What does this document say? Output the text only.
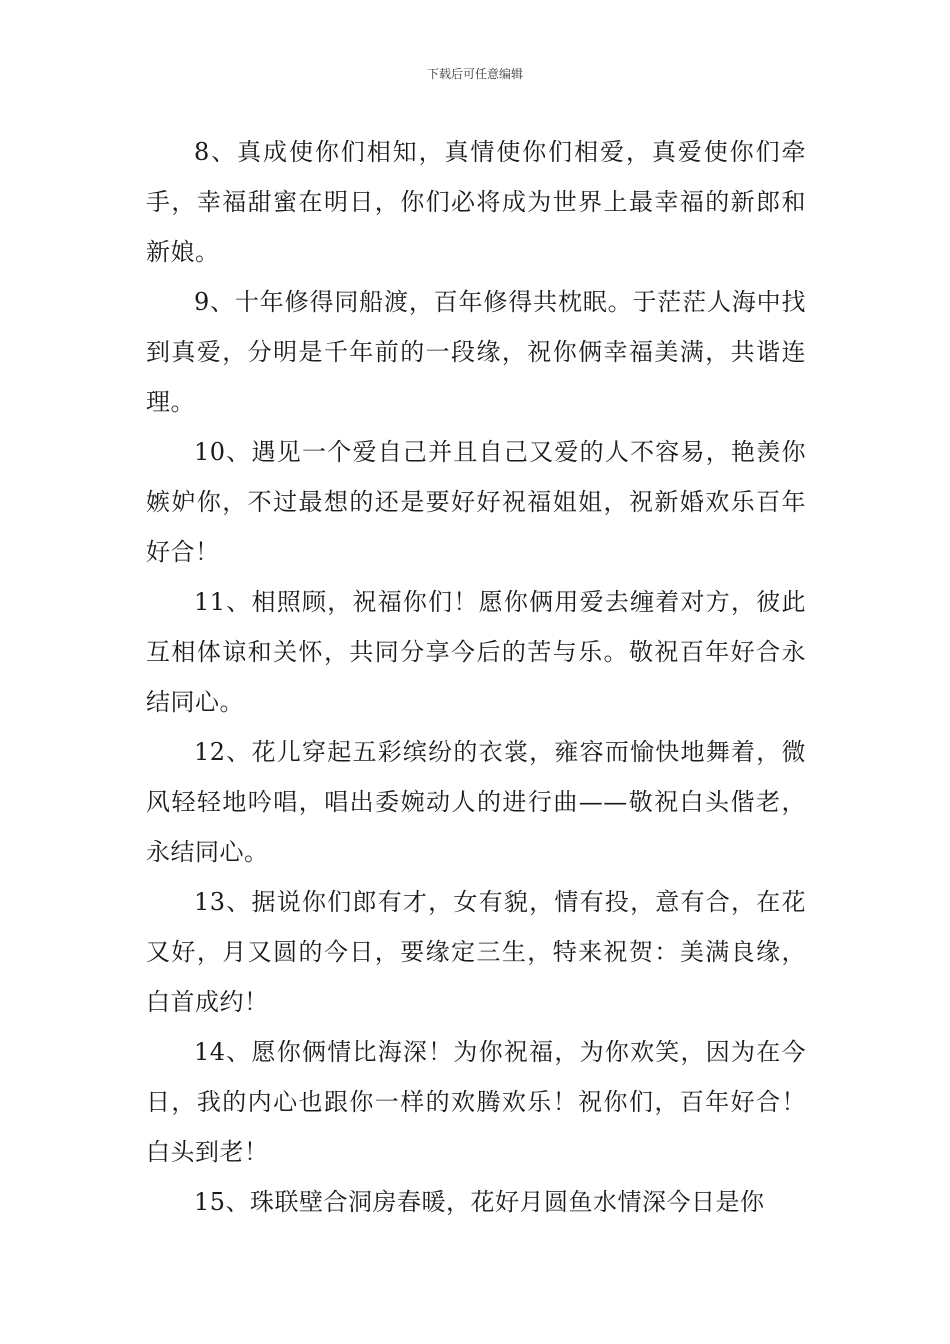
下载后可任意编辑

8、真成使你们相知，真情使你们相爱，真爱使你们牵手，幸福甜蜜在明日，你们必将成为世界上最幸福的新郎和新娘。

9、十年修得同船渡，百年修得共枕眠。于茫茫人海中找到真爱，分明是千年前的一段缘，祝你俩幸福美满，共谐连理。

10、遇见一个爱自己并且自己又爱的人不容易，艳羡你嫉妒你，不过最想的还是要好好祝福姐姐，祝新婚欢乐百年好合！

11、相照顾，祝福你们！愿你俩用爱去缠着对方，彼此互相体谅和关怀，共同分享今后的苦与乐。敬祝百年好合永结同心。

12、花儿穿起五彩缤纷的衣裳，雍容而愉快地舞着，微风轻轻地吟唱，唱出委婉动人的进行曲——敬祝白头偕老，永结同心。

13、据说你们郎有才，女有貌，情有投，意有合，在花又好，月又圆的今日，要缘定三生，特来祝贺：美满良缘，白首成约！

14、愿你俩情比海深！为你祝福，为你欢笑，因为在今日，我的内心也跟你一样的欢腾欢乐！祝你们，百年好合！白头到老！

15、珠联壁合洞房春暖，花好月圆鱼水情深今日是你
